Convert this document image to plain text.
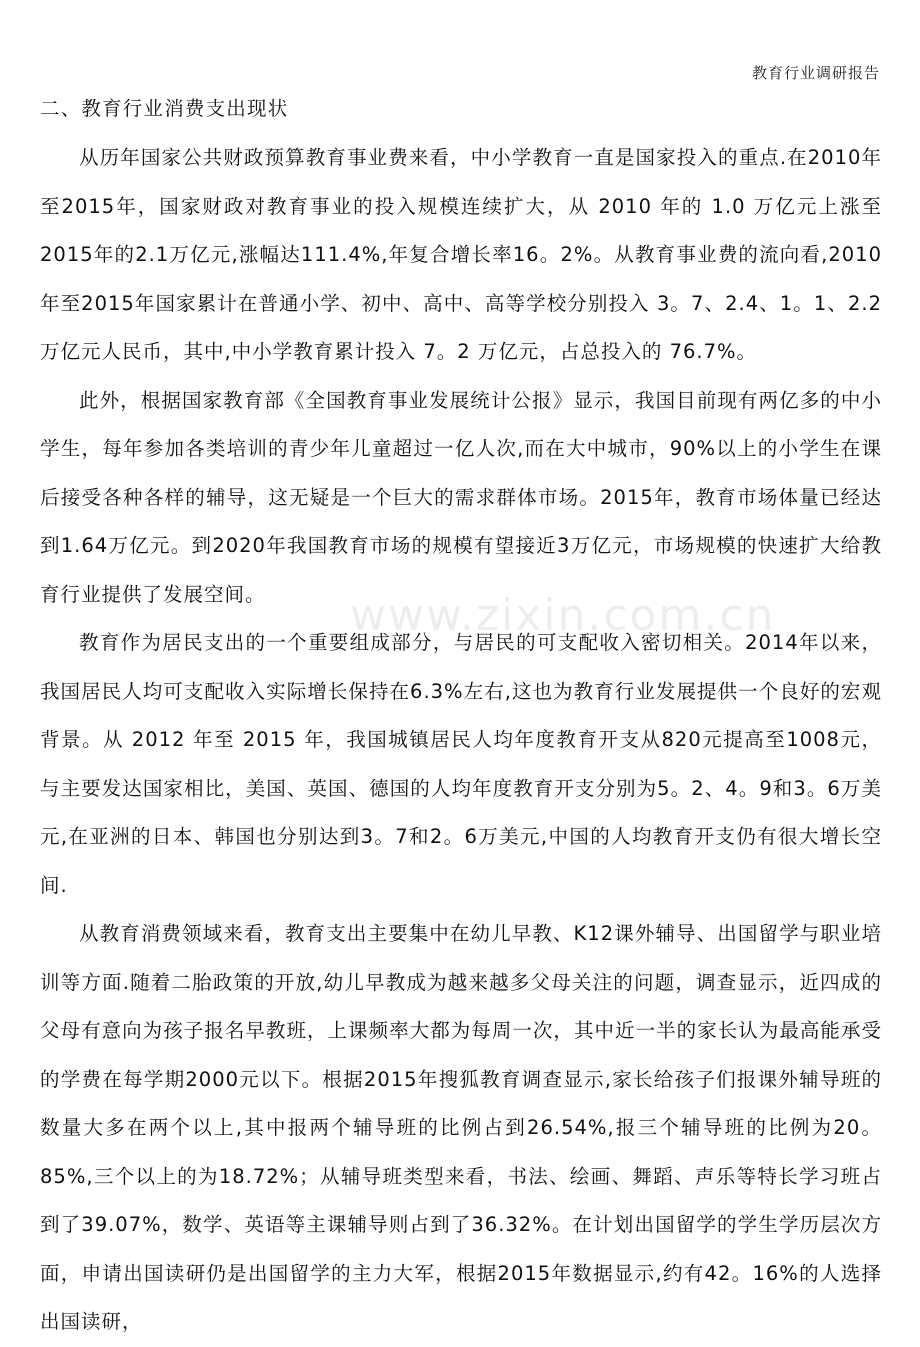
教育行业调研报告
www.zixin.com.cn
二、教育行业消费支出现状

从历年国家公共财政预算教育事业费来看，中小学教育一直是国家投入的重点.在2010年至2015年，国家财政对教育事业的投入规模连续扩大，从 2010 年的 1.0 万亿元上涨至 2015年的2.1万亿元,涨幅达111.4%,年复合增长率16。2%。从教育事业费的流向看,2010年至2015年国家累计在普通小学、初中、高中、高等学校分别投入 3。7、2.4、1。1、2.2万亿元人民币，其中,中小学教育累计投入 7。2 万亿元，占总投入的 76.7%。

此外，根据国家教育部《全国教育事业发展统计公报》显示，我国目前现有两亿多的中小学生，每年参加各类培训的青少年儿童超过一亿人次,而在大中城市，90%以上的小学生在课后接受各种各样的辅导，这无疑是一个巨大的需求群体市场。2015年，教育市场体量已经达到1.64万亿元。到2020年我国教育市场的规模有望接近3万亿元，市场规模的快速扩大给教育行业提供了发展空间。

教育作为居民支出的一个重要组成部分，与居民的可支配收入密切相关。2014年以来，我国居民人均可支配收入实际增长保持在6.3%左右,这也为教育行业发展提供一个良好的宏观背景。从 2012 年至 2015 年，我国城镇居民人均年度教育开支从820元提高至1008元，与主要发达国家相比，美国、英国、德国的人均年度教育开支分别为5。2、4。9和3。6万美元,在亚洲的日本、韩国也分别达到3。7和2。6万美元,中国的人均教育开支仍有很大增长空间.

从教育消费领域来看，教育支出主要集中在幼儿早教、K12课外辅导、出国留学与职业培训等方面.随着二胎政策的开放,幼儿早教成为越来越多父母关注的问题，调查显示，近四成的父母有意向为孩子报名早教班，上课频率大都为每周一次，其中近一半的家长认为最高能承受的学费在每学期2000元以下。根据2015年搜狐教育调查显示,家长给孩子们报课外辅导班的数量大多在两个以上,其中报两个辅导班的比例占到26.54%,报三个辅导班的比例为20。85%,三个以上的为18.72%；从辅导班类型来看，书法、绘画、舞蹈、声乐等特长学习班占到了39.07%，数学、英语等主课辅导则占到了36.32%。在计划出国留学的学生学历层次方面，申请出国读研仍是出国留学的主力大军，根据2015年数据显示,约有42。16%的人选择出国读研，
